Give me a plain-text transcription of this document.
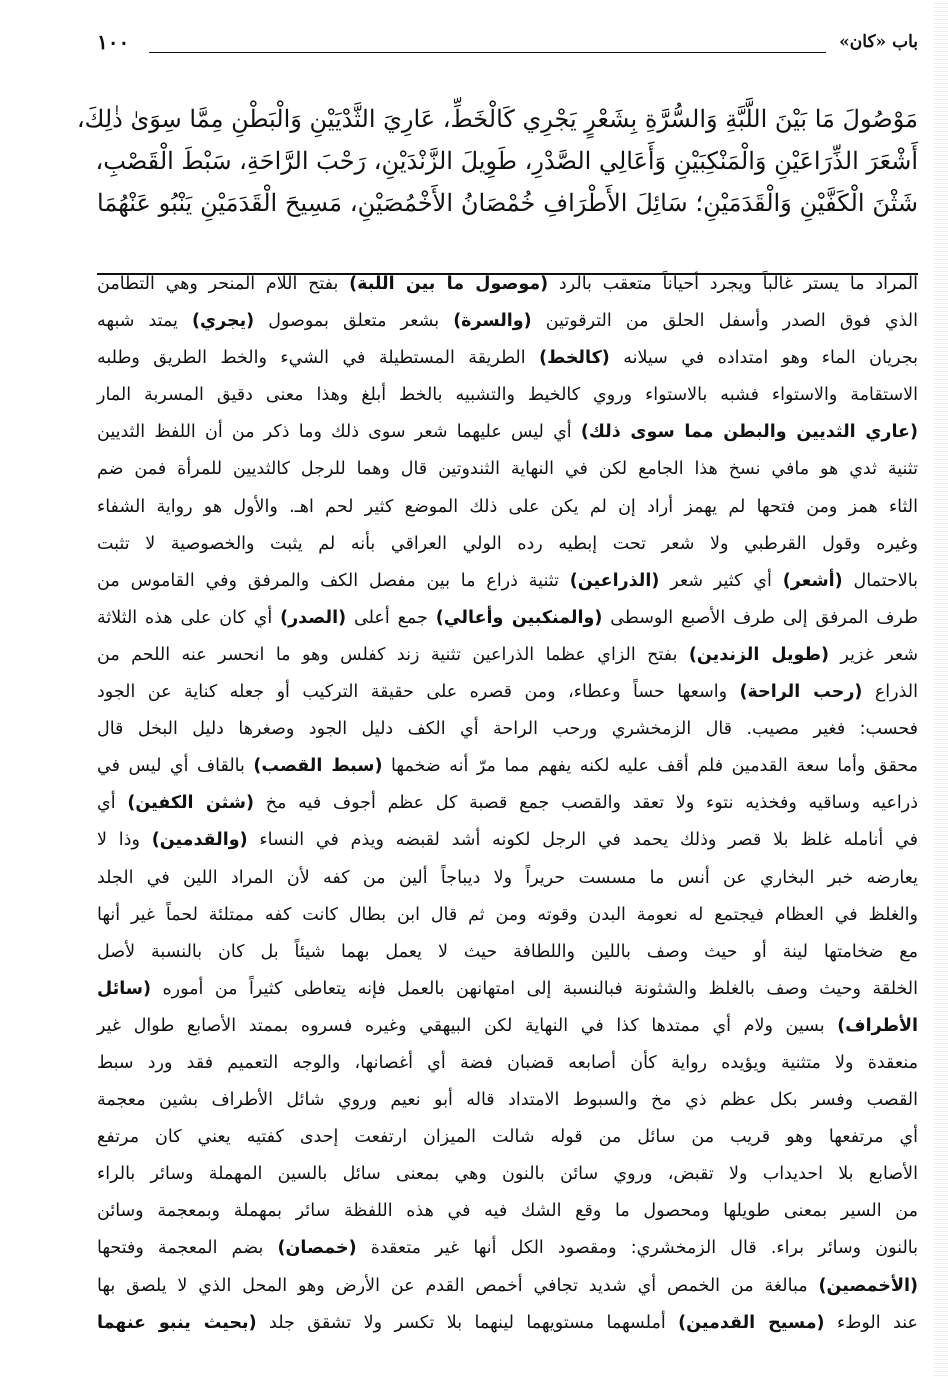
باب «كان»
١٠٠
مَوْصُولَ مَا بَيْنَ اللَّبَّةِ وَالسُّرَّةِ بِشَعْرٍ يَجْرِي كَالْخَطِّ، عَارِيَ الثَّدْيَيْنِ وَالْبَطْنِ مِمَّا سِوَىٰ ذٰلِكَ،
أَشْعَرَ الذِّرَاعَيْنِ وَالْمَنْكِبَيْنِ وَأَعَالِي الصَّدْرِ، طَوِيلَ الزَّنْدَيْنِ، رَحْبَ الرَّاحَةِ، سَبْطَ الْقَصْبِ،
شَثْنَ الْكَفَّيْنِ وَالْقَدَمَيْنِ؛ سَائِلَ الأَطْرَافِ خُمْصَانُ الأَخْمُصَيْنِ، مَسِيحَ الْقَدَمَيْنِ يَنْبُو عَنْهُمَا
المراد ما يستر غالباً ويجرد أحياناً متعقب بالرد (موصول ما بين اللبة) بفتح اللام المنحر وهي التطامن
الذي فوق الصدر وأسفل الحلق من الترقوتين (والسرة) بشعر متعلق بموصول (يجري) يمتد شبهه
بجريان الماء وهو امتداده في سيلانه (كالخط) الطريقة المستطيلة في الشيء والخط الطريق وطلبه
الاستقامة والاستواء فشبه بالاستواء وروي كالخيط والتشبيه بالخط أبلغ وهذا معنى دقيق المسربة المار
(عاري الثديين والبطن مما سوى ذلك) أي ليس عليهما شعر سوى ذلك وما ذكر من أن اللفظ الثديين
تثنية ثدي هو مافي نسخ هذا الجامع لكن في النهاية الثندوتين قال وهما للرجل كالثديين للمرأة فمن ضم
الثاء همز ومن فتحها لم يهمز أراد إن لم يكن على ذلك الموضع كثير لحم اهـ. والأول هو رواية الشفاء
وغيره وقول القرطبي ولا شعر تحت إبطيه رده الولي العراقي بأنه لم يثبت والخصوصية لا تثبت
بالاحتمال (أشعر) أي كثير شعر (الذراعين) تثنية ذراع ما بين مفصل الكف والمرفق وفي القاموس من
طرف المرفق إلى طرف الأصبع الوسطى (والمنكبين وأعالي) جمع أعلى (الصدر) أي كان على هذه الثلاثة
شعر غزير (طويل الزندين) بفتح الزاي عظما الذراعين تثنية زند كفلس وهو ما انحسر عنه اللحم من
الذراع (رحب الراحة) واسعها حساً وعطاء، ومن قصره على حقيقة التركيب أو جعله كناية عن الجود
فحسب: فغير مصيب. قال الزمخشري ورحب الراحة أي الكف دليل الجود وصغرها دليل البخل قال
محقق وأما سعة القدمين فلم أقف عليه لكنه يفهم مما مرّ أنه ضخمها (سبط القصب) بالقاف أي ليس في
ذراعيه وساقيه وفخذيه نتوء ولا تعقد والقصب جمع قصبة كل عظم أجوف فيه مخ (شثن الكفين) أي
في أنامله غلظ بلا قصر وذلك يحمد في الرجل لكونه أشد لقبضه ويذم في النساء (والقدمين) وذا لا
يعارضه خبر البخاري عن أنس ما مسست حريراً ولا ديباجاً ألين من كفه لأن المراد اللين في الجلد
والغلظ في العظام فيجتمع له نعومة البدن وقوته ومن ثم قال ابن بطال كانت كفه ممتلئة لحماً غير أنها
مع ضخامتها لينة أو حيث وصف باللين واللطافة حيث لا يعمل بهما شيئاً بل كان بالنسبة لأصل
الخلقة وحيث وصف بالغلظ والشثونة فبالنسبة إلى امتهانهن بالعمل فإنه يتعاطى كثيراً من أموره (سائل
الأطراف) بسين ولام أي ممتدها كذا في النهاية لكن البيهقي وغيره فسروه بممتد الأصابع طوال غير
منعقدة ولا متثنية ويؤيده رواية كأن أصابعه قضبان فضة أي أغصانها، والوجه التعميم فقد ورد سبط
القصب وفسر بكل عظم ذي مخ والسبوط الامتداد قاله أبو نعيم وروي شائل الأطراف بشين معجمة
أي مرتفعها وهو قريب من سائل من قوله شالت الميزان ارتفعت إحدى كفتيه يعني كان مرتفع
الأصابع بلا احديداب ولا تقبض، وروي سائن بالنون وهي بمعنى سائل بالسين المهملة وسائر بالراء
من السير بمعنى طويلها ومحصول ما وقع الشك فيه في هذه اللفظة سائر بمهملة وبمعجمة وسائن
بالنون وسائر براء. قال الزمخشري: ومقصود الكل أنها غير متعقدة (خمصان) بضم المعجمة وفتحها
(الأخمصين) مبالغة من الخمص أي شديد تجافي أخمص القدم عن الأرض وهو المحل الذي لا يلصق بها
عند الوطء (مسيح القدمين) أملسهما مستويهما لينهما بلا تكسر ولا تشقق جلد (بحيث ينبو عنهما
